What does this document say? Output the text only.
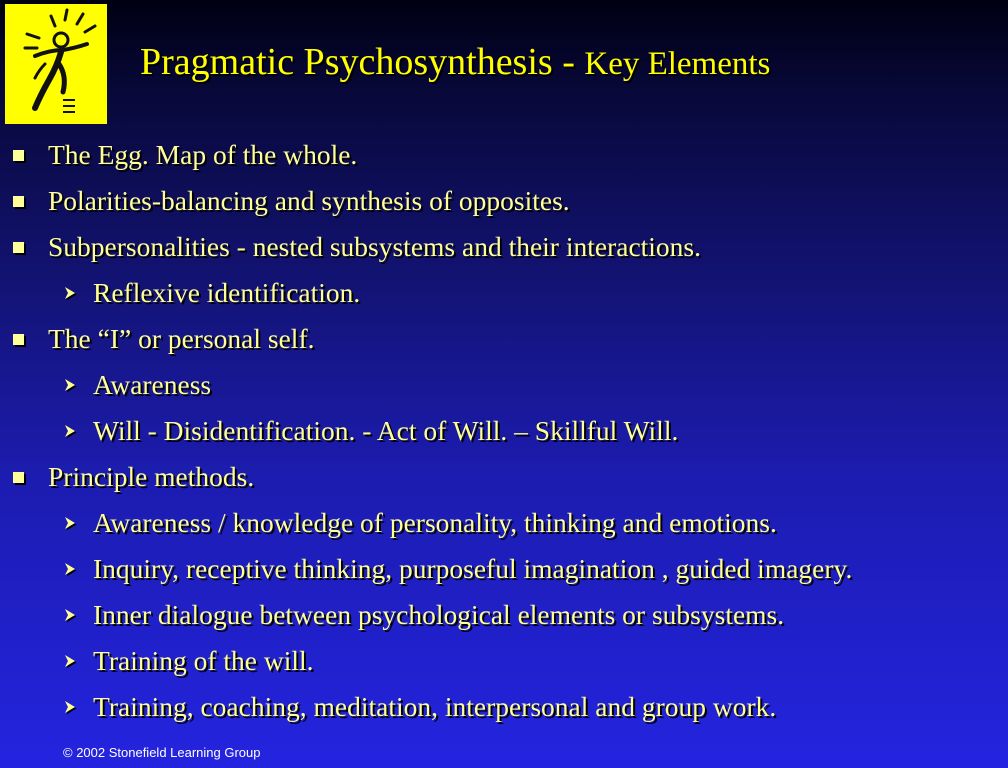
Pragmatic Psychosynthesis - Key Elements
The Egg. Map of the whole.
Polarities-balancing and synthesis of opposites.
Subpersonalities - nested subsystems and their interactions.
Reflexive identification.
The “I” or personal self.
Awareness
Will - Disidentification. - Act of Will. – Skillful Will.
Principle methods.
Awareness / knowledge of personality, thinking and emotions.
Inquiry, receptive thinking, purposeful imagination , guided imagery.
Inner dialogue between psychological elements or subsystems.
Training of the will.
Training, coaching, meditation, interpersonal and group work.
© 2002 Stonefield Learning Group
